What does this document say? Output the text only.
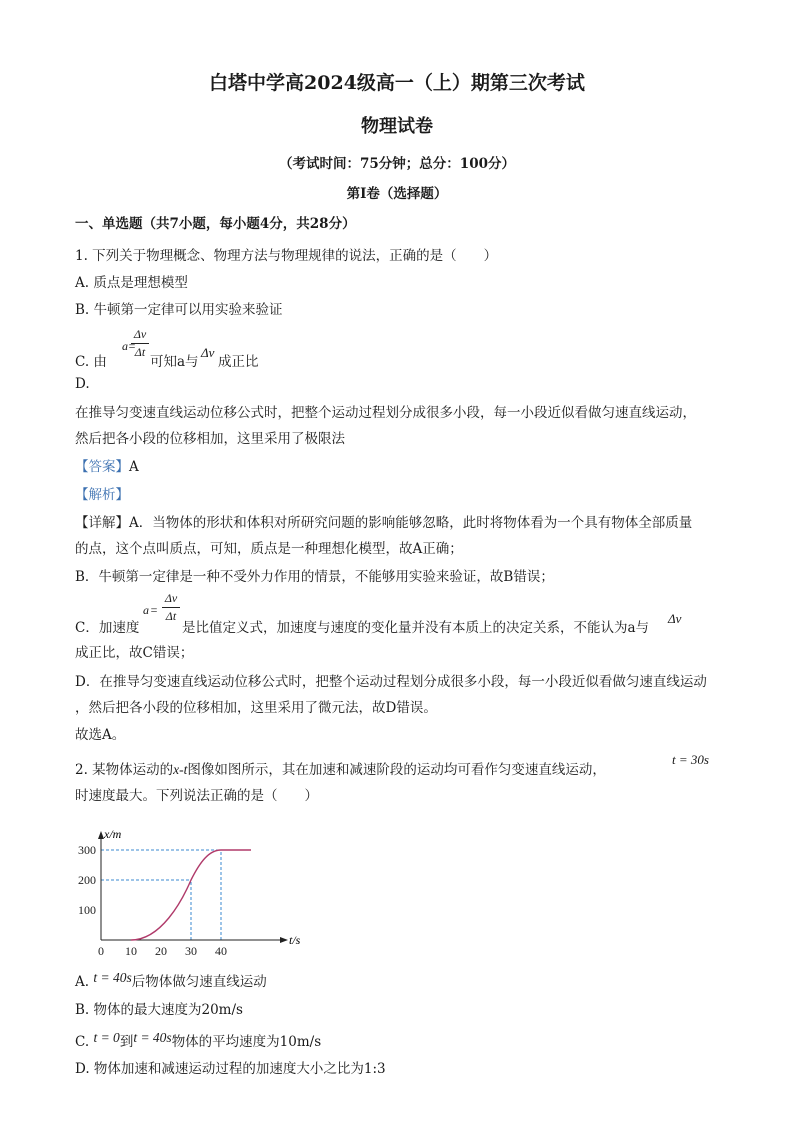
白塔中学高2024级高一（上）期第三次考试
物理试卷
（考试时间：75分钟；总分：100分）
第Ⅰ卷（选择题）
一、单选题（共7小题，每小题4分，共28分）
1. 下列关于物理概念、物理方法与物理规律的说法，正确的是（　　）
A. 质点是理想模型
B. 牛顿第一定律可以用实验来验证
C. 由
a =
Δv
Δt
可知a与
Δv
成正比
D.
在推导匀变速直线运动位移公式时，把整个运动过程划分成很多小段，每一小段近似看做匀速直线运动，
然后把各小段的位移相加，这里采用了极限法
【答案】A
【解析】
【详解】A．当物体的形状和体积对所研究问题的影响能够忽略，此时将物体看为一个具有物体全部质量
的点，这个点叫质点，可知，质点是一种理想化模型，故A正确；
B．牛顿第一定律是一种不受外力作用的情景，不能够用实验来验证，故B错误；
C．加速度
a =
Δv
Δt
是比值定义式，加速度与速度的变化量并没有本质上的决定关系，不能认为a与
Δv
成正比，故C错误；
D．在推导匀变速直线运动位移公式时，把整个运动过程划分成很多小段，每一小段近似看做匀速直线运动
，然后把各小段的位移相加，这里采用了微元法，故D错误。
故选A。
2. 某物体运动的x-t图像如图所示，其在加速和减速阶段的运动均可看作匀变速直线运动，
t = 30s
时速度最大。下列说法正确的是（　　）
0 10 20 30 40
100
200
300
x/m
t/s
A. t = 40s后物体做匀速直线运动
B. 物体的最大速度为20m/s
C. t = 0到t = 40s物体的平均速度为10m/s
D. 物体加速和减速运动过程的加速度大小之比为1:3
